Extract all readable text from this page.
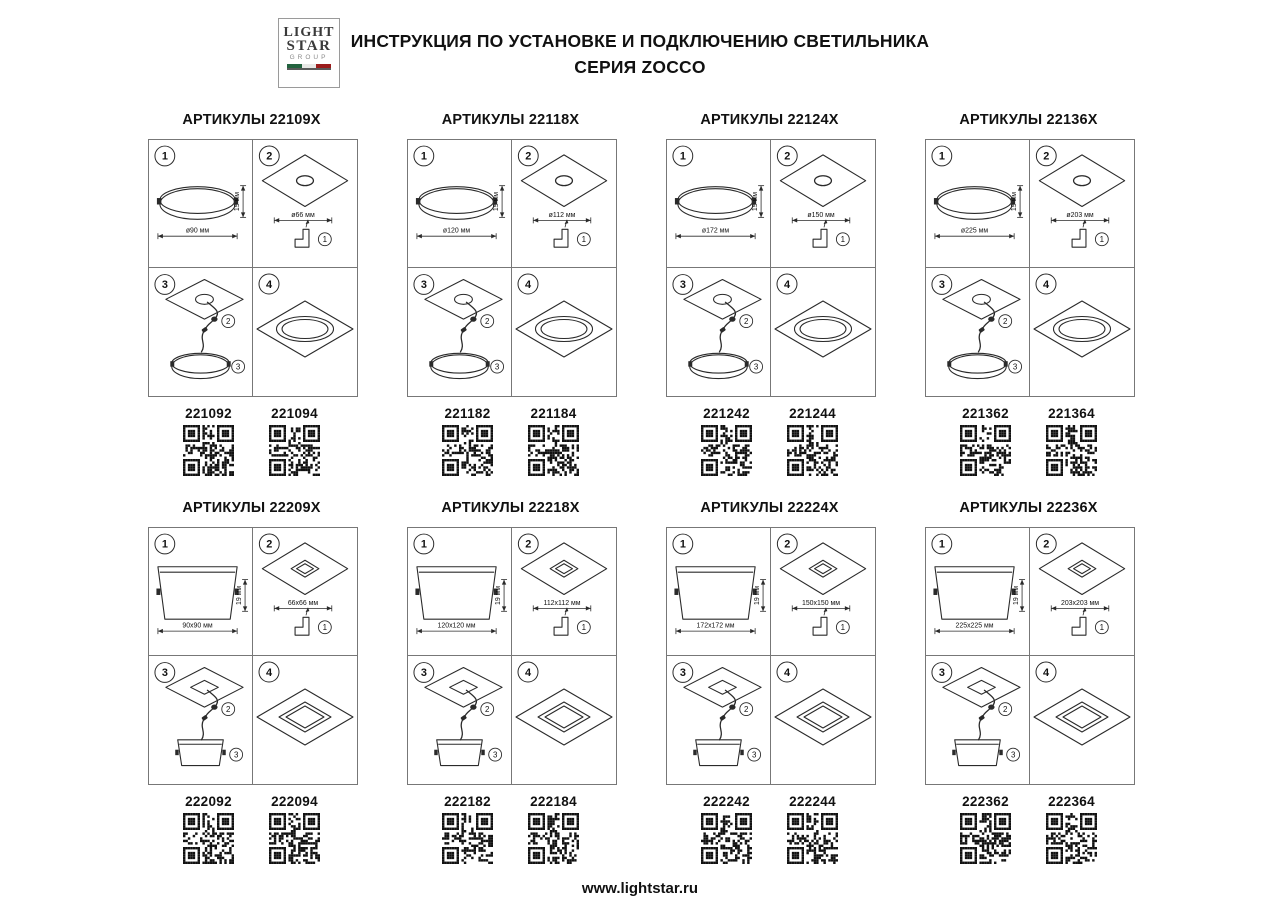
LIGHT
STAR
GROUP
ИНСТРУКЦИЯ ПО УСТАНОВКЕ И ПОДКЛЮЧЕНИЮ СВЕТИЛЬНИКА
СЕРИЯ ZOCCO
АРТИКУЛЫ 22109X
1
19 мм
ø90 мм
2
ø66 мм
1
3
2
3
4
221092	221094
АРТИКУЛЫ 22118X
1
19 мм
ø120 мм
2
ø112 мм
1
3
2
3
4
221182	221184
АРТИКУЛЫ 22124X
1
19 мм
ø172 мм
2
ø150 мм
1
3
2
3
4
221242	221244
АРТИКУЛЫ 22136X
1
19 мм
ø225 мм
2
ø203 мм
1
3
2
3
4
221362	221364
АРТИКУЛЫ 22209X
1
19 мм
90x90 мм
2
66x66 мм
1
3
2
3
4
222092	222094
АРТИКУЛЫ 22218X
1
19 мм
120x120 мм
2
112x112 мм
1
3
2
3
4
222182	222184
АРТИКУЛЫ 22224X
1
19 мм
172x172 мм
2
150x150 мм
1
3
2
3
4
222242	222244
АРТИКУЛЫ 22236X
1
19 мм
225x225 мм
2
203x203 мм
1
3
2
3
4
222362	222364
www.lightstar.ru
